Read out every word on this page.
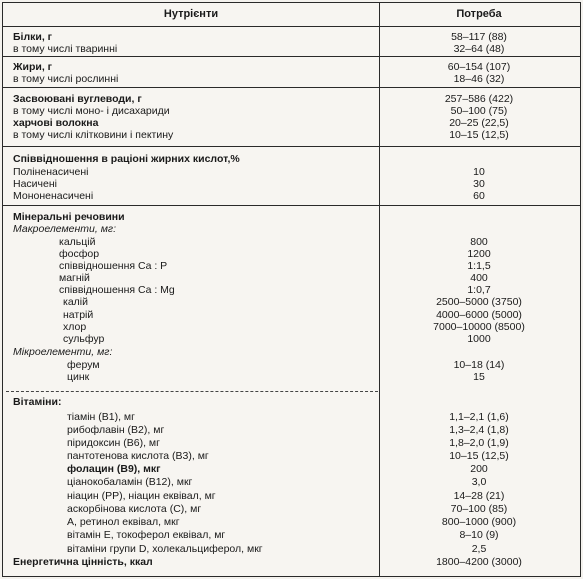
Нутрієнти	Потреба
Білки, г	58–117 (88)
в тому числі тваринні	32–64 (48)
Жири, г	60–154 (107)
в тому числі рослинні	18–46 (32)
Засвоювані вуглеводи, г	257–586 (422)
в тому числі моно- і дисахариди	50–100 (75)
харчові волокна	20–25 (22,5)
в тому числі клітковини і пектину	10–15 (12,5)
Співвідношення в раціоні жирних кислот,%
Поліненасичені	10
Насичені	30
Мононенасичені	60
Мінеральні речовини
Макроелементи, мг:
кальцій	800
фосфор	1200
співвідношення Ca : P	1:1,5
магній	400
співвідношення Ca : Mg	1:0,7
калій	2500–5000 (3750)
натрій	4000–6000 (5000)
хлор	7000–10000 (8500)
сульфур	1000
Мікроелементи, мг:
ферум	10–18 (14)
цинк	15
Вітаміни:
тіамін (В1), мг	1,1–2,1 (1,6)
рибофлавін (В2), мг	1,3–2,4 (1,8)
піридоксин (В6), мг	1,8–2,0 (1,9)
пантотенова кислота (В3), мг	10–15 (12,5)
фолацин (В9), мкг	200
ціанокобаламін (В12), мкг	3,0
ніацин (PP), ніацин еквівал, мг	14–28 (21)
аскорбінова кислота (С), мг	70–100 (85)
А, ретинол еквівал, мкг	800–1000 (900)
вітамін Е, токоферол еквівал, мг	8–10 (9)
вітаміни групи D, холекальциферол, мкг	2,5
Енергетична цінність, ккал	1800–4200 (3000)
